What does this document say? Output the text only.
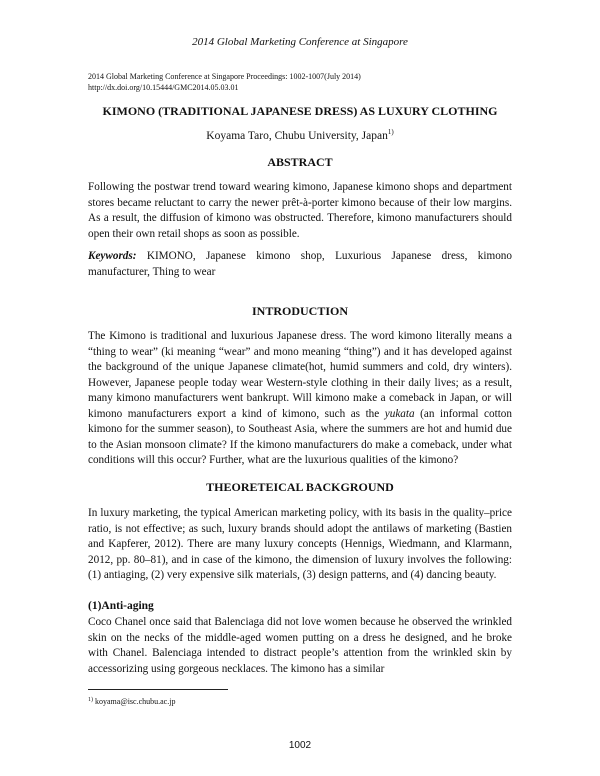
2014 Global Marketing Conference at Singapore
2014 Global Marketing Conference at Singapore Proceedings: 1002-1007(July 2014)
http://dx.doi.org/10.15444/GMC2014.05.03.01
KIMONO (TRADITIONAL JAPANESE DRESS) AS LUXURY CLOTHING
Koyama Taro, Chubu University, Japan$^{1)}$
ABSTRACT

Following the postwar trend toward wearing kimono, Japanese kimono shops and department stores became reluctant to carry the newer prêt-à-porter kimono because of their low margins. As a result, the diffusion of kimono was obstructed. Therefore, kimono manufacturers should open their own retail shops as soon as possible.

Keywords: KIMONO, Japanese kimono shop, Luxurious Japanese dress, kimono manufacturer, Thing to wear

INTRODUCTION

The Kimono is traditional and luxurious Japanese dress. The word kimono literally means a “thing to wear” (ki meaning “wear” and mono meaning “thing”) and it has developed against the background of the unique Japanese climate(hot, humid summers and cold, dry winters). However, Japanese people today wear Western-style clothing in their daily lives; as a result, many kimono manufacturers went bankrupt. Will kimono make a comeback in Japan, or will kimono manufacturers export a kind of kimono, such as the yukata (an informal cotton kimono for the summer season), to Southeast Asia, where the summers are hot and humid due to the Asian monsoon climate? If the kimono manufacturers do make a comeback, under what conditions will this occur? Further, what are the luxurious qualities of the kimono?

THEORETEICAL BACKGROUND

In luxury marketing, the typical American marketing policy, with its basis in the quality–price ratio, is not effective; as such, luxury brands should adopt the antilaws of marketing (Bastien and Kapferer, 2012). There are many luxury concepts (Hennigs, Wiedmann, and Klarmann, 2012, pp. 80–81), and in case of the kimono, the dimension of luxury involves the following: (1) antiaging, (2) very expensive silk materials, (3) design patterns, and (4) dancing beauty.

(1)Anti-aging

Coco Chanel once said that Balenciaga did not love women because he observed the wrinkled skin on the necks of the middle-aged women putting on a dress he designed, and he broke with Chanel. Balenciaga intended to distract people’s attention from the wrinkled skin by accessorizing using gorgeous necklaces. The kimono has a similar

$^{1)}$ koyama@isc.chubu.ac.jp
1002
